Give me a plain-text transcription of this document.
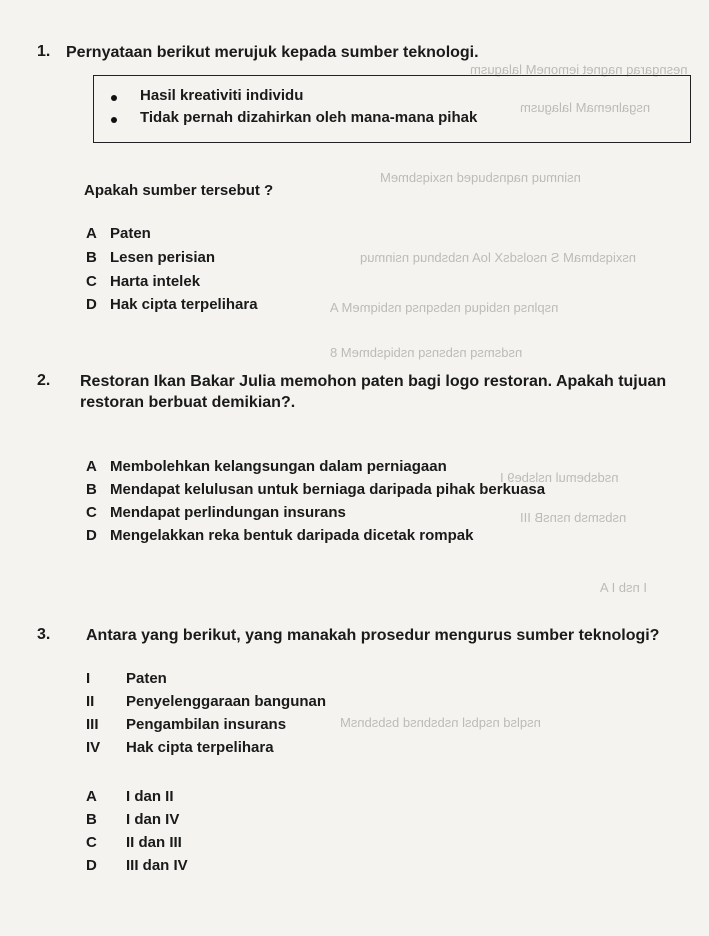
nesngaraq nagnet iemoneM lalagusm
nsgalnemaM lalagusm
nsinmuq naqnsbuqed nsxiqsbmeM
nsxiqsbmaM S nsolsdsX loA nsbsbnuq nsinmuq
nsplnsq nsbiquq nsbsqnsq nsbiqmeM A
nsdsmsq nsbsnsq nsbiqsbmeM 8
nsdsbemul nslsbe9 I
nsbsmsb nsnsB III
I nsb I A
nsqlsd nsqbsl nsbsbnsd bsbsbnsM
1. Pernyataan berikut merujuk kepada sumber teknologi.
Hasil kreativiti individu
Tidak pernah dizahirkan oleh mana-mana pihak
Apakah sumber tersebut ?
A Paten
B Lesen perisian
C Harta intelek
D Hak cipta terpelihara
2. Restoran Ikan Bakar Julia memohon paten bagi logo restoran. Apakah tujuan
restoran berbuat demikian?.
A Membolehkan kelangsungan dalam perniagaan
B Mendapat kelulusan untuk berniaga daripada pihak berkuasa
C Mendapat perlindungan insurans
D Mengelakkan reka bentuk daripada dicetak rompak
3. Antara yang berikut, yang manakah prosedur mengurus sumber teknologi?
I Paten
II Penyelenggaraan bangunan
III Pengambilan insurans
IV Hak cipta terpelihara
A I dan II
B I dan IV
C II dan III
D III dan IV
